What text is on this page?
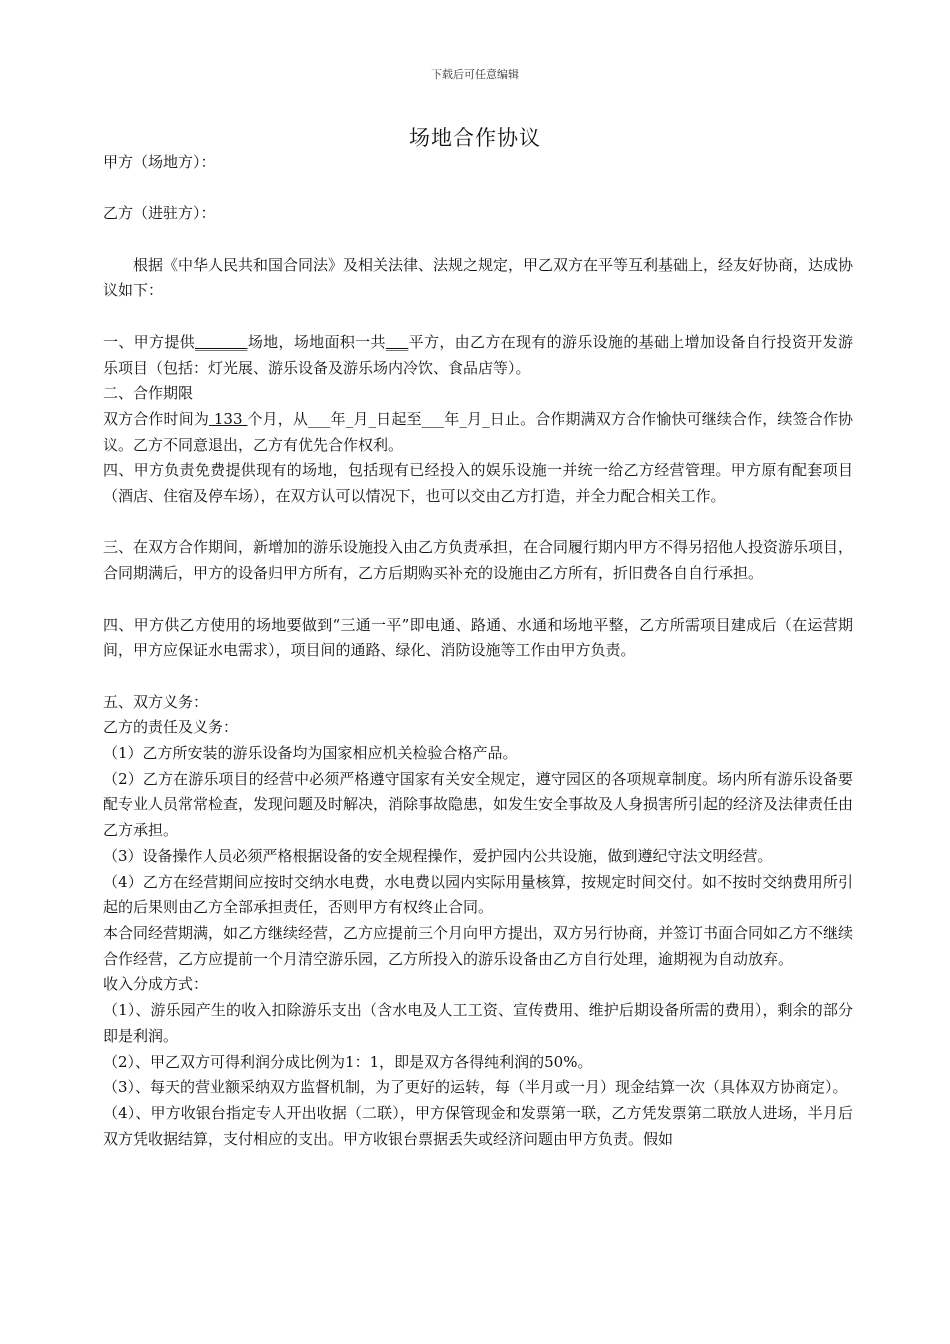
下载后可任意编辑
场地合作协议

甲方（场地方）：

乙方（进驻方）：

根据《中华人民共和国合同法》及相关法律、法规之规定，甲乙双方在平等互利基础上，经友好协商，达成协议如下：

一、甲方提供_______场地，场地面积一共___平方，由乙方在现有的游乐设施的基础上增加设备自行投资开发游乐项目（包括：灯光展、游乐设备及游乐场内冷饮、食品店等）。

二、合作期限

双方合作时间为 133 个月，从___年_月_日起至___年_月_日止。合作期满双方合作愉快可继续合作，续签合作协议。乙方不同意退出，乙方有优先合作权利。

四、甲方负责免费提供现有的场地，包括现有已经投入的娱乐设施一并统一给乙方经营管理。甲方原有配套项目（酒店、住宿及停车场），在双方认可以情况下，也可以交由乙方打造，并全力配合相关工作。

三、在双方合作期间，新增加的游乐设施投入由乙方负责承担，在合同履行期内甲方不得另招他人投资游乐项目，合同期满后，甲方的设备归甲方所有，乙方后期购买补充的设施由乙方所有，折旧费各自自行承担。

四、甲方供乙方使用的场地要做到“三通一平”即电通、路通、水通和场地平整，乙方所需项目建成后（在运营期间，甲方应保证水电需求），项目间的通路、绿化、消防设施等工作由甲方负责。

五、双方义务：

乙方的责任及义务：

（1）乙方所安装的游乐设备均为国家相应机关检验合格产品。

（2）乙方在游乐项目的经营中必须严格遵守国家有关安全规定，遵守园区的各项规章制度。场内所有游乐设备要配专业人员常常检查，发现问题及时解决，消除事故隐患，如发生安全事故及人身损害所引起的经济及法律责任由乙方承担。

（3）设备操作人员必须严格根据设备的安全规程操作，爱护园内公共设施，做到遵纪守法文明经营。

（4）乙方在经营期间应按时交纳水电费，水电费以园内实际用量核算，按规定时间交付。如不按时交纳费用所引起的后果则由乙方全部承担责任，否则甲方有权终止合同。

本合同经营期满，如乙方继续经营，乙方应提前三个月向甲方提出，双方另行协商，并签订书面合同如乙方不继续合作经营，乙方应提前一个月清空游乐园，乙方所投入的游乐设备由乙方自行处理，逾期视为自动放弃。

收入分成方式：

（1）、游乐园产生的收入扣除游乐支出（含水电及人工工资、宣传费用、维护后期设备所需的费用），剩余的部分即是利润。

（2）、甲乙双方可得利润分成比例为1：1，即是双方各得纯利润的50%。

（3）、每天的营业额采纳双方监督机制，为了更好的运转，每（半月或一月）现金结算一次（具体双方协商定）。

（4）、甲方收银台指定专人开出收据（二联），甲方保管现金和发票第一联，乙方凭发票第二联放人进场，半月后双方凭收据结算，支付相应的支出。甲方收银台票据丢失或经济问题由甲方负责。假如
